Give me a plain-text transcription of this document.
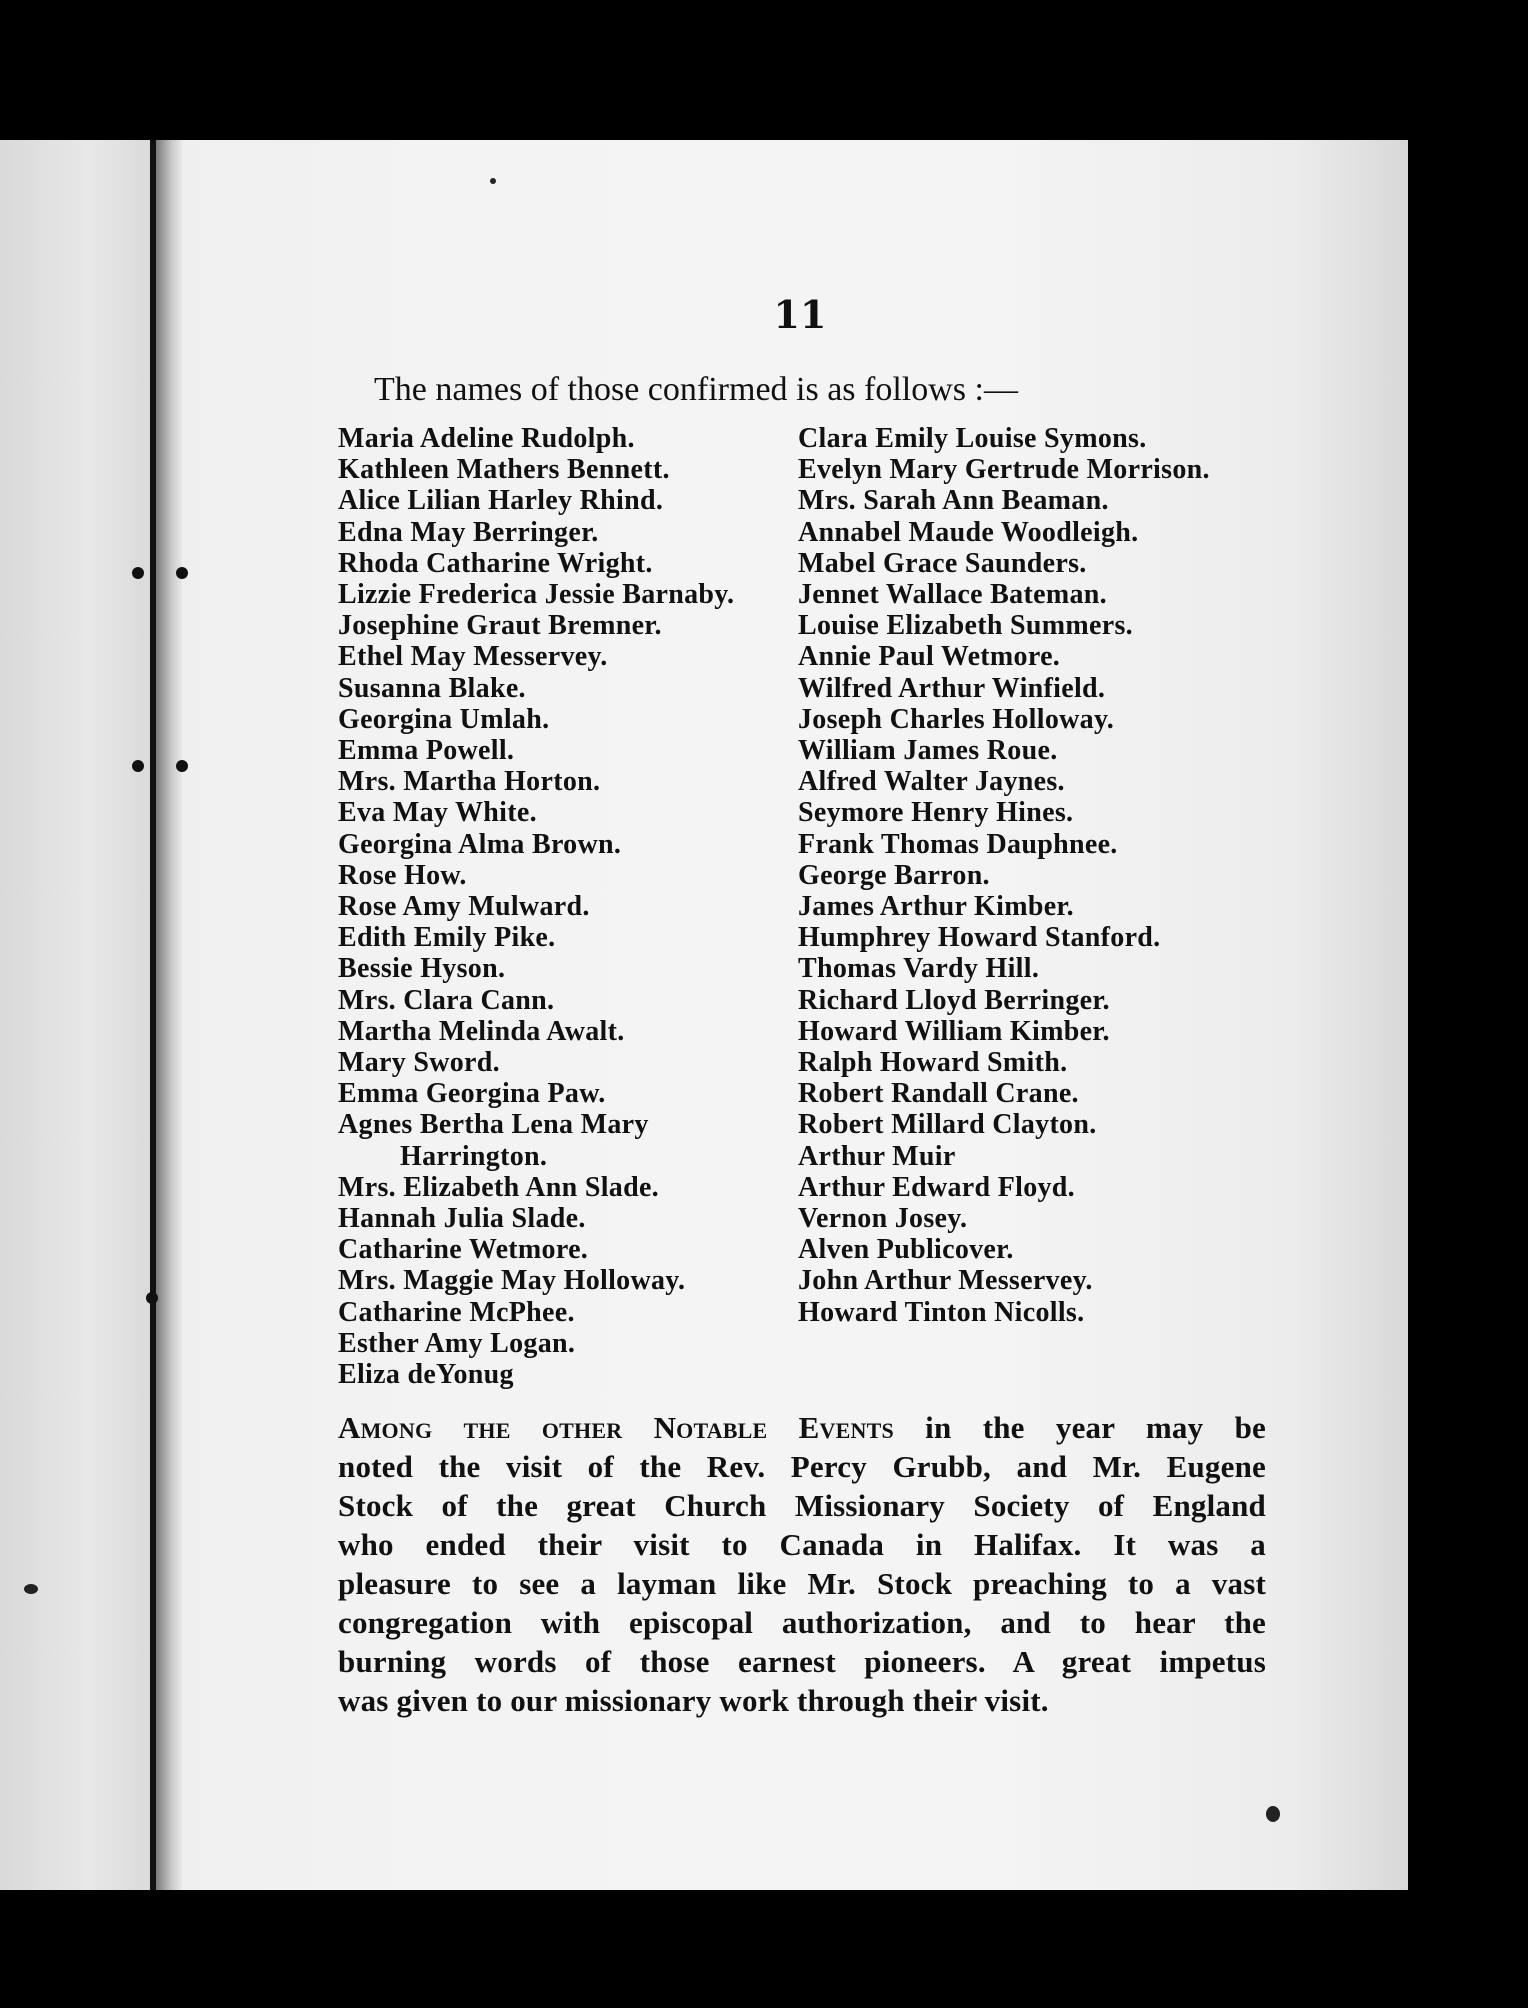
11
The names of those confirmed is as follows :—
Maria Adeline Rudolph.
Kathleen Mathers Bennett.
Alice Lilian Harley Rhind.
Edna May Berringer.
Rhoda Catharine Wright.
Lizzie Frederica Jessie Barnaby.
Josephine Graut Bremner.
Ethel May Messervey.
Susanna Blake.
Georgina Umlah.
Emma Powell.
Mrs. Martha Horton.
Eva May White.
Georgina Alma Brown.
Rose How.
Rose Amy Mulward.
Edith Emily Pike.
Bessie Hyson.
Mrs. Clara Cann.
Martha Melinda Awalt.
Mary Sword.
Emma Georgina Paw.
Agnes Bertha Lena Mary
Harrington.
Mrs. Elizabeth Ann Slade.
Hannah Julia Slade.
Catharine Wetmore.
Mrs. Maggie May Holloway.
Catharine McPhee.
Esther Amy Logan.
Eliza deYonug
Clara Emily Louise Symons.
Evelyn Mary Gertrude Morrison.
Mrs. Sarah Ann Beaman.
Annabel Maude Woodleigh.
Mabel Grace Saunders.
Jennet Wallace Bateman.
Louise Elizabeth Summers.
Annie Paul Wetmore.
Wilfred Arthur Winfield.
Joseph Charles Holloway.
William James Roue.
Alfred Walter Jaynes.
Seymore Henry Hines.
Frank Thomas Dauphnee.
George Barron.
James Arthur Kimber.
Humphrey Howard Stanford.
Thomas Vardy Hill.
Richard Lloyd Berringer.
Howard William Kimber.
Ralph Howard Smith.
Robert Randall Crane.
Robert Millard Clayton.
Arthur Muir
Arthur Edward Floyd.
Vernon Josey.
Alven Publicover.
John Arthur Messervey.
Howard Tinton Nicolls.

Among the other Notable Events in the year may be
noted the visit of the Rev. Percy Grubb, and Mr. Eugene
Stock of the great Church Missionary Society of England
who ended their visit to Canada in Halifax. It was a
pleasure to see a layman like Mr. Stock preaching to a vast
congregation with episcopal authorization, and to hear the
burning words of those earnest pioneers. A great impetus
was given to our missionary work through their visit.
